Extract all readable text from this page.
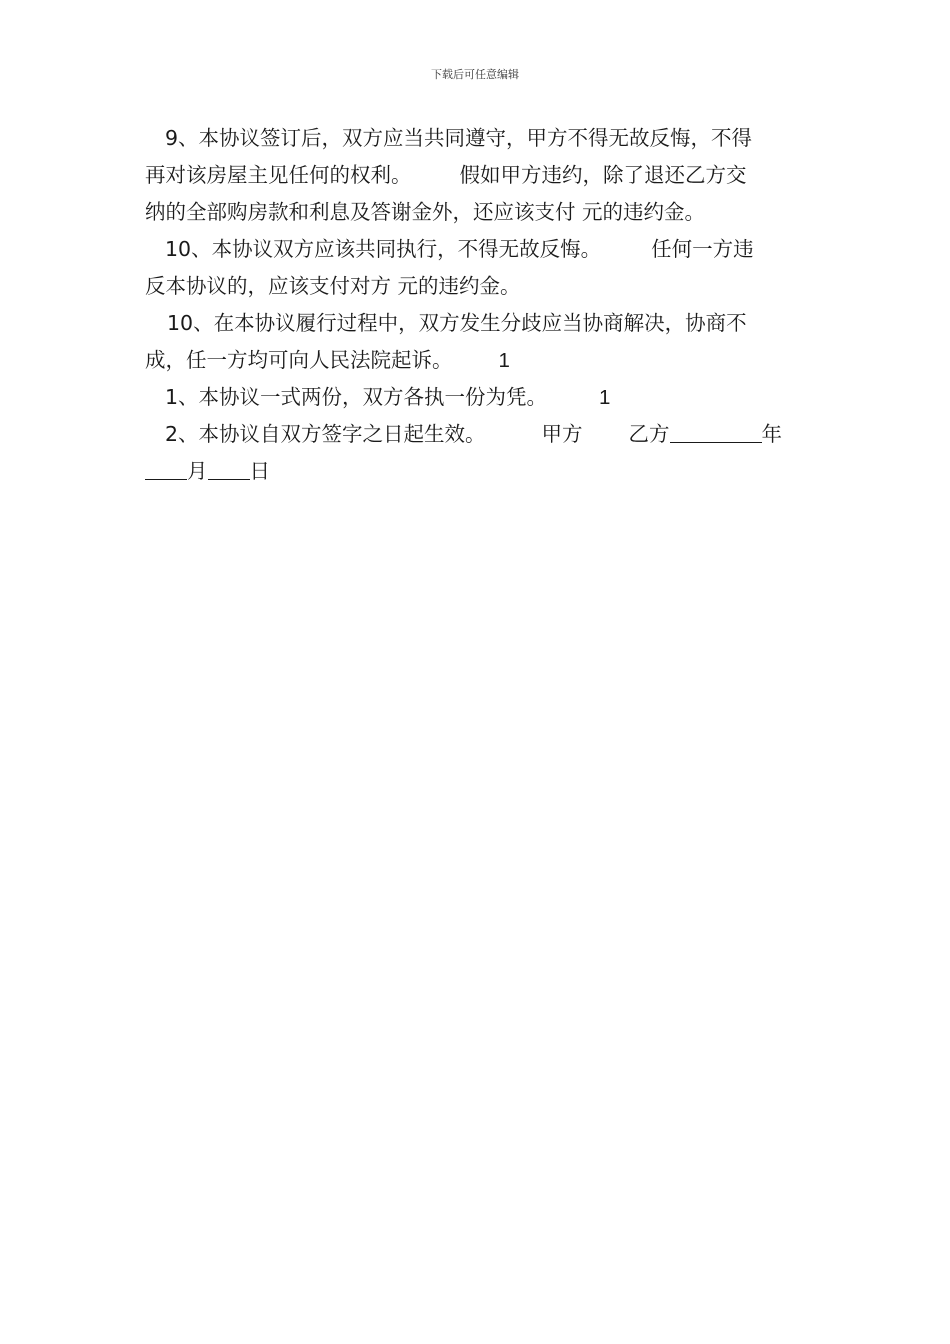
下载后可任意编辑
9、本协议签订后，双方应当共同遵守，甲方不得无故反悔，不得
再对该房屋主见任何的权利。 假如甲方违约，除了退还乙方交
纳的全部购房款和利息及答谢金外，还应该支付 元的违约金。
10、本协议双方应该共同执行，不得无故反悔。 任何一方违
反本协议的，应该支付对方 元的违约金。
10、在本协议履行过程中，双方发生分歧应当协商解决，协商不
成，任一方均可向人民法院起诉。 1
1、本协议一式两份，双方各执一份为凭。	1
2、本协议自双方签字之日起生效。	甲方 乙方	年
月 日
